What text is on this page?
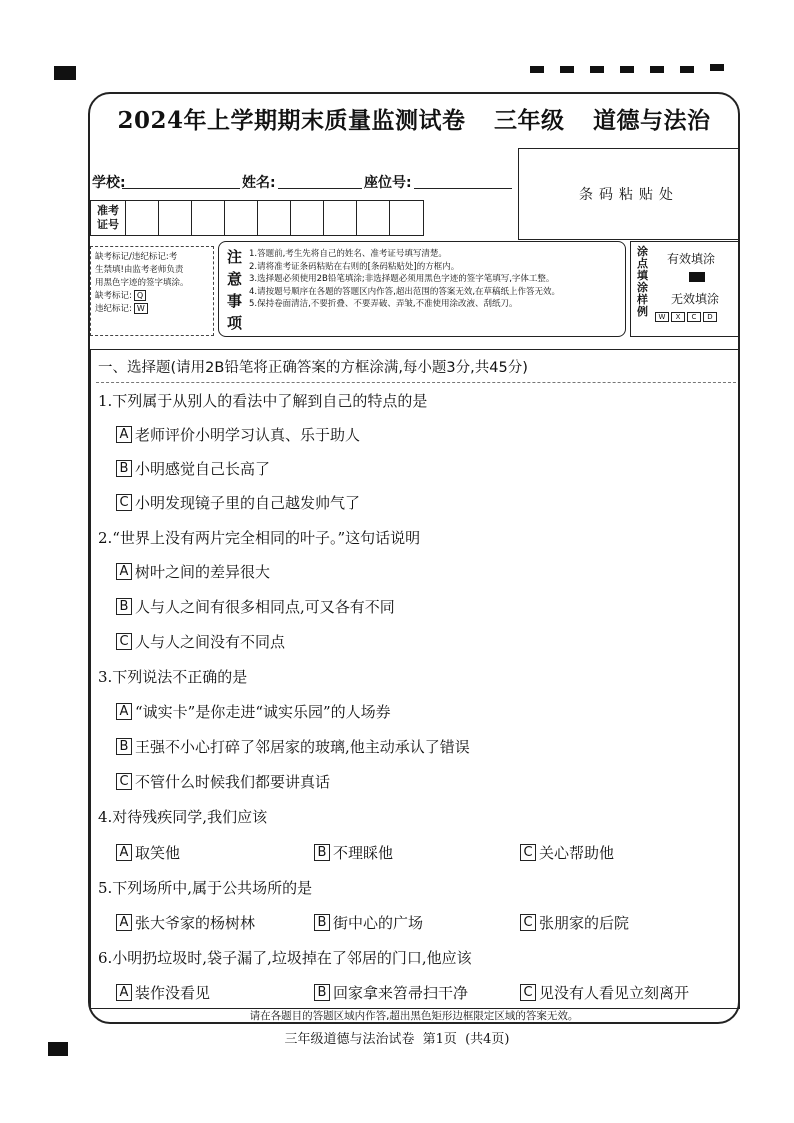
2024年上学期期末质量监测试卷 三年级 道德与法治
学校:	姓名:	座位号:
条码粘贴处
准考
证号
缺考标记/违纪标记:考
生禁填!由监考老师负责
用黑色字迹的签字填涂。
缺考标记: Q
违纪标记: W
注
意
事
项
1.答题前,考生先将自己的姓名、准考证号填写清楚。
2.请将准考证条码粘贴在右则的[条码粘贴处]的方框内。
3.选择题必须使用2B铅笔填涂;非选择题必须用黑色字迹的签字笔填写,字体工整。
4.请按题号顺序在各题的答题区内作答,超出范围的答案无效,在草稿纸上作答无效。
5.保持卷面清洁,不要折叠、不要弄破、弄皱,不准使用涂改液、刮纸刀。
涂
点
填
涂
样
例
有效填涂
无效填涂
W	X	C	D
一、选择题(请用2B铅笔将正确答案的方框涂满,每小题3分,共45分)
1.下列属于从别人的看法中了解到自己的特点的是
A 老师评价小明学习认真、乐于助人
B 小明感觉自己长高了
C 小明发现镜子里的自己越发帅气了
2.“世界上没有两片完全相同的叶子。”这句话说明
A 树叶之间的差异很大
B 人与人之间有很多相同点,可又各有不同
C 人与人之间没有不同点
3.下列说法不正确的是
A “诚实卡”是你走进“诚实乐园”的人场券
B 王强不小心打碎了邻居家的玻璃,他主动承认了错误
C 不管什么时候我们都要讲真话
4.对待残疾同学,我们应该
A 取笑他	B 不理睬他	C 关心帮助他
5.下列场所中,属于公共场所的是
A 张大爷家的杨树林	B 街中心的广场	C 张朋家的后院
6.小明扔垃圾时,袋子漏了,垃圾掉在了邻居的门口,他应该
A 装作没看见	B 回家拿来笤帚扫干净	C 见没有人看见立刻离开
请在各题目的答题区域内作答,超出黑色矩形边框限定区域的答案无效。
三年级道德与法治试卷 第1页 (共4页)
